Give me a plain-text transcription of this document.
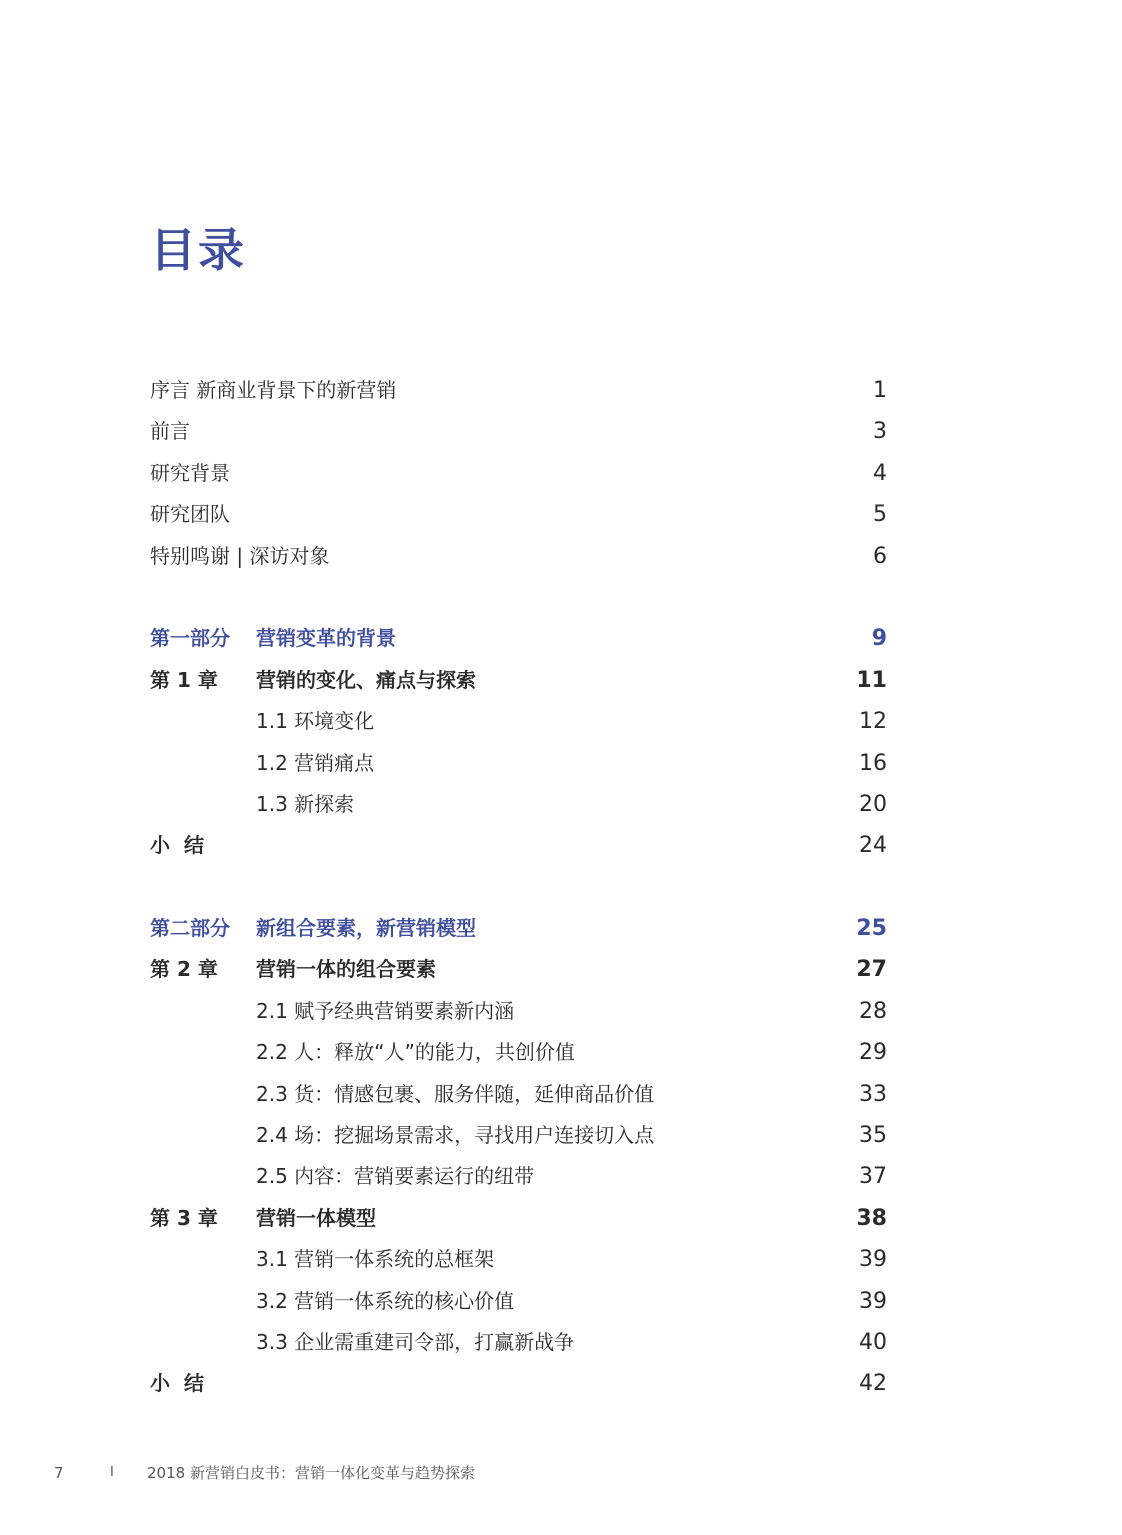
目录
序言 新商业背景下的新营销	1
前言	3
研究背景	4
研究团队	5
特别鸣谢 | 深访对象	6
第一部分 营销变革的背景	9
第 1 章 营销的变化、痛点与探索	11
1.1 环境变化	12
1.2 营销痛点	16
1.3 新探索	20
小结	24
第二部分 新组合要素，新营销模型	25
第 2 章 营销一体的组合要素	27
2.1 赋予经典营销要素新内涵	28
2.2 人：释放“人”的能力，共创价值	29
2.3 货：情感包裹、服务伴随，延伸商品价值	33
2.4 场：挖掘场景需求，寻找用户连接切入点	35
2.5 内容：营销要素运行的纽带	37
第 3 章 营销一体模型	38
3.1 营销一体系统的总框架	39
3.2 营销一体系统的核心价值	39
3.3 企业需重建司令部，打赢新战争	40
小结	42
7	I 2018 新营销白皮书：营销一体化变革与趋势探索
